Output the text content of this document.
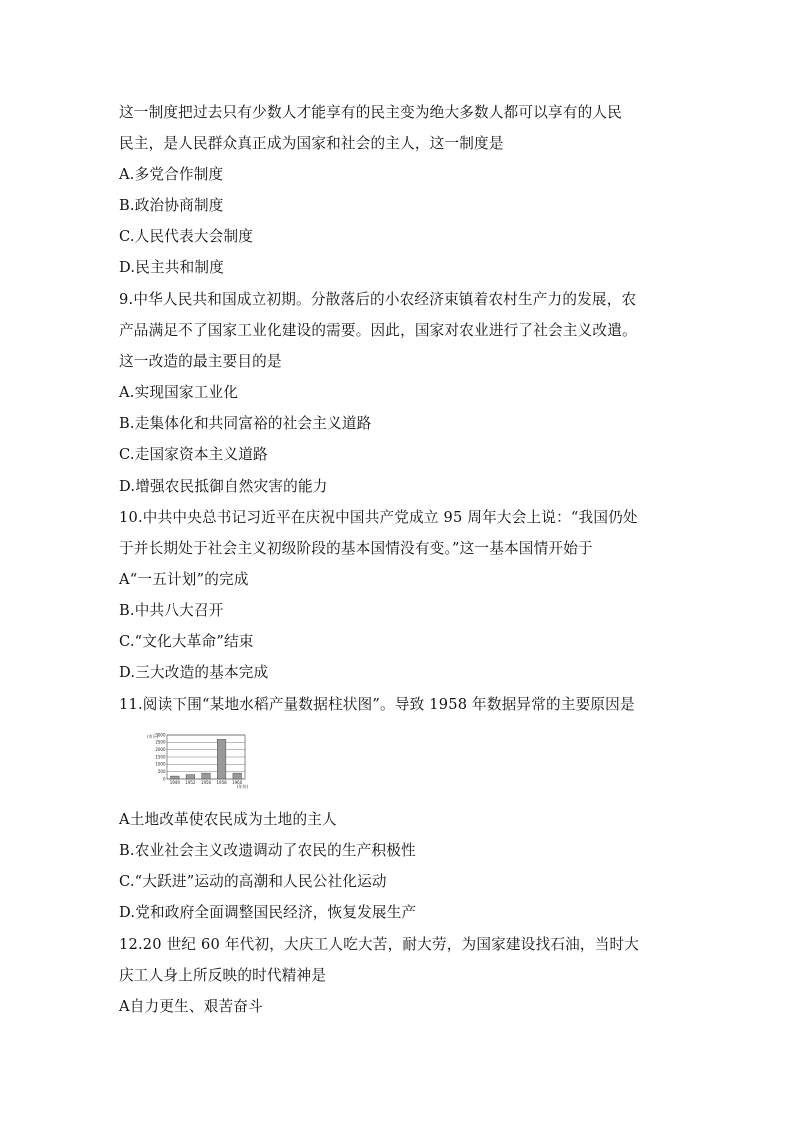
这一制度把过去只有少数人才能享有的民主变为绝大多数人都可以享有的人民
民主，是人民群众真正成为国家和社会的主人，这一制度是
A.多党合作制度
B.政治协商制度
C.人民代表大会制度
D.民主共和制度
9.中华人民共和国成立初期。分散落后的小农经济束镇着农村生产力的发展，农
产品满足不了国家工业化建设的需要。因此，国家对农业进行了社会主义改遣。
这一改造的最主要目的是
A.实现国家工业化
B.走集体化和共同富裕的社会主义道路
C.走国家资本主义道路
D.增强农民抵御自然灾害的能力
10.中共中央总书记习近平在庆祝中国共产党成立 95 周年大会上说：“我国仍处
于并长期处于社会主义初级阶段的基本国情没有变。”这一基本国情开始于
A“一五计划”的完成
B.中共八大召开
C.“文化大革命”结束
D.三大改造的基本完成
11.阅读下围“某地水稻产量数据柱状图”。导致 1958 年数据异常的主要原因是
(市斤)
(年份)
3000
2500
2000
1500
1000
500
0
1949 1952 1956 1958 1960
A土地改革使农民成为土地的主人
B.农业社会主义改遗调动了农民的生产积极性
C.“大跃进”运动的高潮和人民公社化运动
D.党和政府全面调整国民经济，恢复发展生产
12.20 世纪 60 年代初，大庆工人吃大苦，耐大劳，为国家建设找石油，当时大
庆工人身上所反映的时代精神是
A自力更生、艰苦奋斗
